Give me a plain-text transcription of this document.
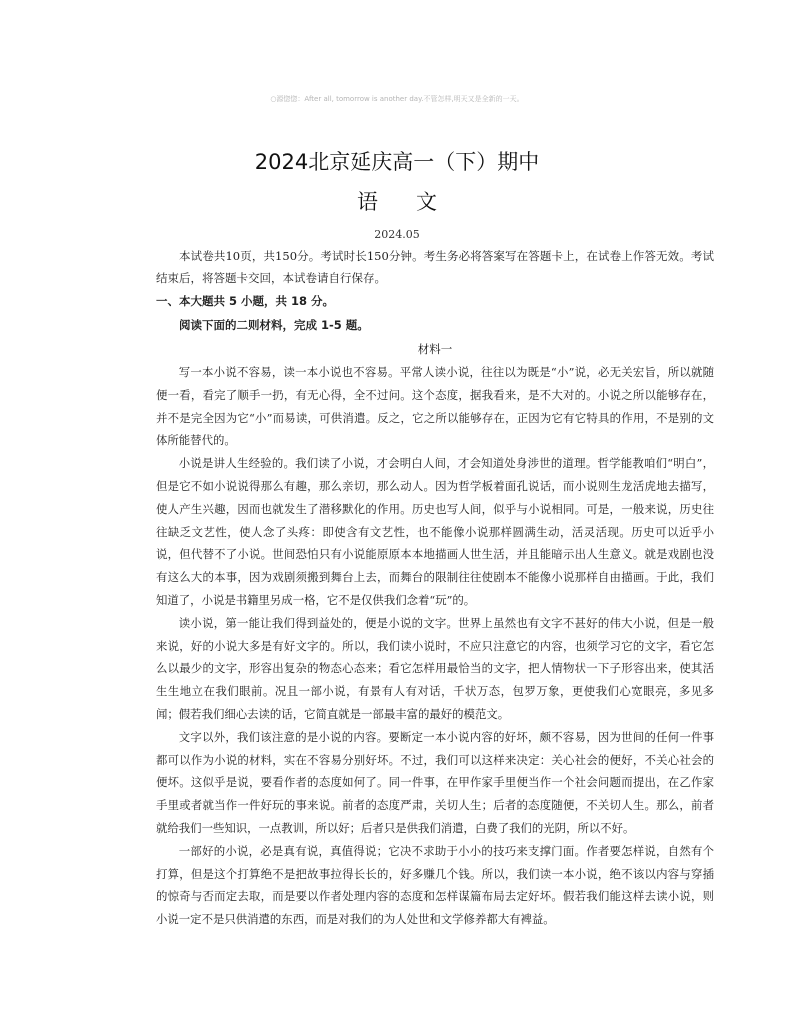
○源惚惚：After all, tomorrow is another day.不管怎样,明天又是全新的一天。
2024北京延庆高一（下）期中
语文
2024.05

本试卷共10页，共150分。考试时长150分钟。考生务必将答案写在答题卡上，在试卷上作答无效。考试结束后，将答题卡交回，本试卷请自行保存。

一、本大题共 5 小题，共 18 分。

阅读下面的二则材料，完成 1-5 题。

材料一

写一本小说不容易，读一本小说也不容易。平常人读小说，往往以为既是“小”说，必无关宏旨，所以就随便一看，看完了顺手一扔，有无心得，全不过问。这个态度，据我看来，是不大对的。小说之所以能够存在，并不是完全因为它“小”而易读，可供消遣。反之，它之所以能够存在，正因为它有它特具的作用，不是别的文体所能替代的。

小说是讲人生经验的。我们读了小说，才会明白人间，才会知道处身涉世的道理。哲学能教咱们“明白”，但是它不如小说说得那么有趣，那么亲切，那么动人。因为哲学板着面孔说话，而小说则生龙活虎地去描写，使人产生兴趣，因而也就发生了潜移默化的作用。历史也写人间，似乎与小说相同。可是，一般来说，历史往往缺乏文艺性，使人念了头疼：即使含有文艺性，也不能像小说那样圆满生动，活灵活现。历史可以近乎小说，但代替不了小说。世间恐怕只有小说能原原本本地描画人世生活，并且能暗示出人生意义。就是戏剧也没有这么大的本事，因为戏剧须搬到舞台上去，而舞台的限制往往使剧本不能像小说那样自由描画。于此，我们知道了，小说是书籍里另成一格，它不是仅供我们念着“玩”的。

读小说，第一能让我们得到益处的，便是小说的文字。世界上虽然也有文字不甚好的伟大小说，但是一般来说，好的小说大多是有好文字的。所以，我们读小说时，不应只注意它的内容，也须学习它的文字，看它怎么以最少的文字，形容出复杂的物态心态来；看它怎样用最恰当的文字，把人情物状一下子形容出来，使其活生生地立在我们眼前。况且一部小说，有景有人有对话，千状万态，包罗万象，更使我们心宽眼亮，多见多闻；假若我们细心去读的话，它简直就是一部最丰富的最好的模范文。

文字以外，我们该注意的是小说的内容。要断定一本小说内容的好坏，颇不容易，因为世间的任何一件事都可以作为小说的材料，实在不容易分别好坏。不过，我们可以这样来决定：关心社会的便好，不关心社会的便坏。这似乎是说，要看作者的态度如何了。同一件事，在甲作家手里便当作一个社会问题而提出，在乙作家手里或者就当作一件好玩的事来说。前者的态度严肃，关切人生；后者的态度随便，不关切人生。那么，前者就给我们一些知识，一点教训，所以好；后者只是供我们消遣，白费了我们的光阴，所以不好。

一部好的小说，必是真有说，真值得说；它决不求助于小小的技巧来支撑门面。作者要怎样说，自然有个打算，但是这个打算绝不是把故事拉得长长的，好多赚几个钱。所以，我们读一本小说，绝不该以内容与穿插的惊奇与否而定去取，而是要以作者处理内容的态度和怎样谋篇布局去定好坏。假若我们能这样去读小说，则小说一定不是只供消遣的东西，而是对我们的为人处世和文学修养都大有裨益。
